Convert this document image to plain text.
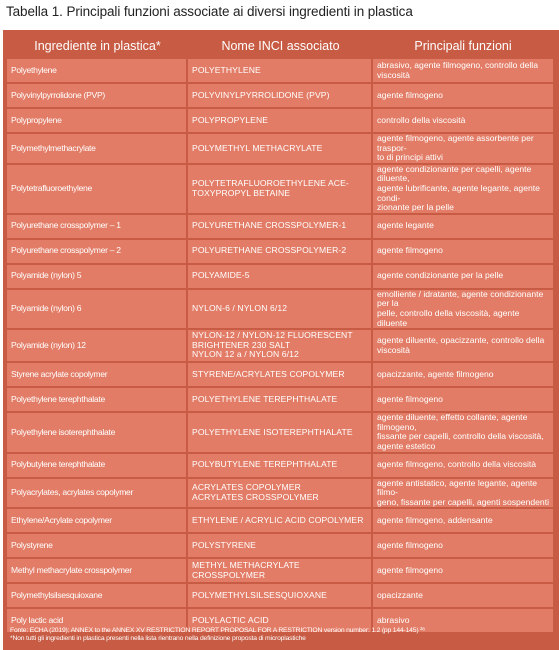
Tabella 1. Principali funzioni associate ai diversi ingredienti in plastica
Ingrediente in plastica*	Nome INCI associato	Principali funzioni
Polyethylene	POLYETHYLENE	abrasivo, agente filmogeno, controllo della
viscosità
Polyvinylpyrrolidone (PVP)	POLYVINYLPYRROLIDONE (PVP)	agente filmogeno
Polypropylene	POLYPROPYLENE	controllo della viscosità
Polymethylmethacrylate	POLYMETHYL METHACRYLATE	agente filmogeno, agente assorbente per traspor-
to di principi attivi
Polytetrafluoroethylene	POLYTETRAFLUOROETHYLENE ACE-
TOXYPROPYL BETAINE	agente condizionante per capelli, agente diluente,
agente lubrificante, agente legante, agente condi-
zionante per la pelle
Polyurethane crosspolymer – 1	POLYURETHANE CROSSPOLYMER-1	agente legante
Polyurethane crosspolymer – 2	POLYURETHANE CROSSPOLYMER-2	agente filmogeno
Polyamide (nylon) 5	POLYAMIDE-5	agente condizionante per la pelle
Polyamide (nylon) 6	NYLON-6 / NYLON 6/12	emolliente / idratante, agente condizionante per la
pelle, controllo della viscosità, agente diluente
Polyamide (nylon) 12	NYLON-12 / NYLON-12 FLUORESCENT
BRIGHTENER 230 SALT
NYLON 12 a / NYLON 6/12	agente diluente, opacizzante, controllo della
viscosità
Styrene acrylate copolymer	STYRENE/ACRYLATES COPOLYMER	opacizzante, agente filmogeno
Polyethylene terephthalate	POLYETHYLENE TEREPHTHALATE	agente filmogeno
Polyethylene isoterephthalate	POLYETHYLENE ISOTEREPHTHALATE	agente diluente, effetto collante, agente filmogeno,
fissante per capelli, controllo della viscosità,
agente estetico
Polybutylene terephthalate	POLYBUTYLENE TEREPHTHALATE	agente filmogeno, controllo della viscosità
Polyacrylates, acrylates copolymer	ACRYLATES COPOLYMER
ACRYLATES CROSSPOLYMER	agente antistatico, agente legante, agente filmo-
geno, fissante per capelli, agenti sospendenti
Ethylene/Acrylate copolymer	ETHYLENE / ACRYLIC ACID COPOLYMER	agente filmogeno, addensante
Polystyrene	POLYSTYRENE	agente filmogeno
Methyl methacrylate crosspolymer	METHYL METHACRYLATE CROSSPOLYMER	agente filmogeno
Polymethylsilsesquioxane	POLYMETHYLSILSESQUIOXANE	opacizzante
Poly lactic acid	POLYLACTIC ACID	abrasivo
Fonte: ECHA (2019); ANNEX to the ANNEX XV RESTRICTION REPORT PROPOSAL FOR A RESTRICTION version number: 1.2 (pp 144-145) ²⁸
*Non tutti gli ingredienti in plastica presenti nella lista rientrano nella definizione proposta di microplastiche
